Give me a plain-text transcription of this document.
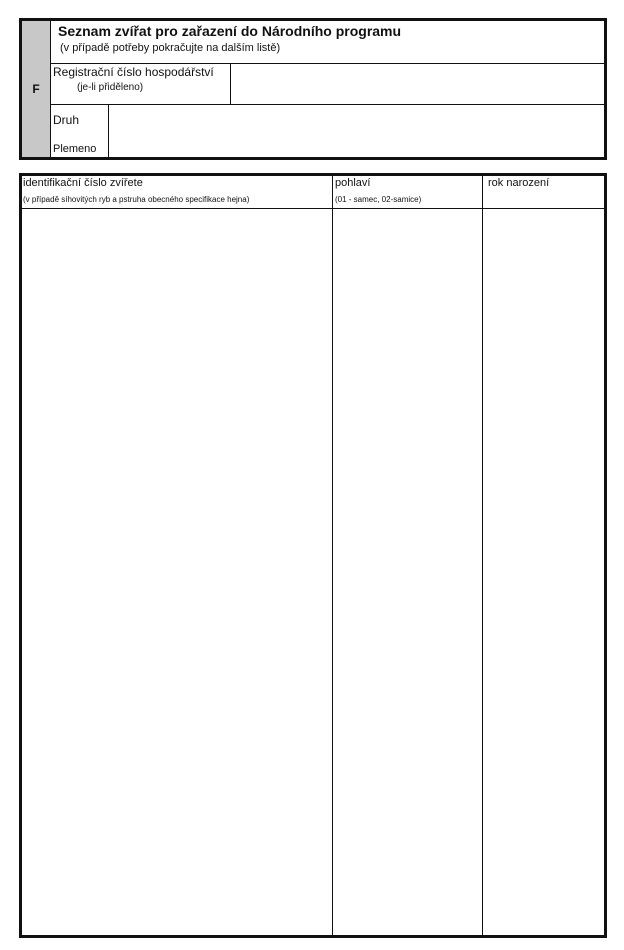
F
Seznam zvířat pro zařazení do Národního programu
(v případě potřeby pokračujte na dalším listě)
Registrační číslo hospodářství
(je-li přiděleno)
Druh
Plemeno
identifikační číslo zvířete
(v případě síhovitých ryb a pstruha obecného specifikace hejna)
pohlaví
(01 - samec, 02-samice)
rok narození
